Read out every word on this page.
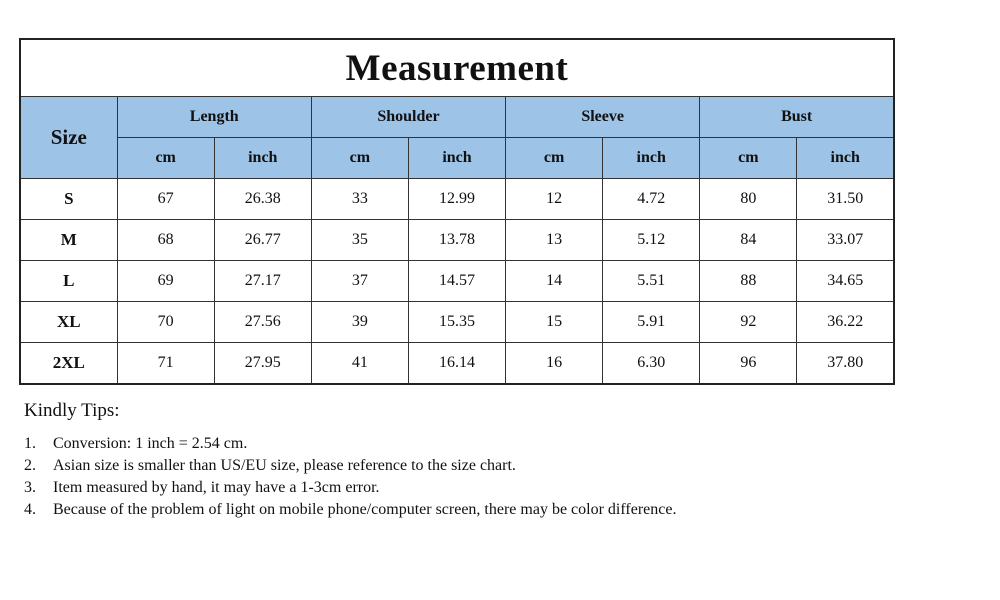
Measurement								
Size	Length		Shoulder		Sleeve		Bust	
	cm	inch	cm	inch	cm	inch	cm	inch
S	67	26.38	33	12.99	12	4.72	80	31.50
M	68	26.77	35	13.78	13	5.12	84	33.07
L	69	27.17	37	14.57	14	5.51	88	34.65
XL	70	27.56	39	15.35	15	5.91	92	36.22
2XL	71	27.95	41	16.14	16	6.30	96	37.80
Kindly Tips:
1.	Conversion: 1 inch = 2.54 cm.
2.	Asian size is smaller than US/EU size, please reference to the size chart.
3.	Item measured by hand, it may have a 1-3cm error.
4.	Because of the problem of light on mobile phone/computer screen, there may be color difference.
